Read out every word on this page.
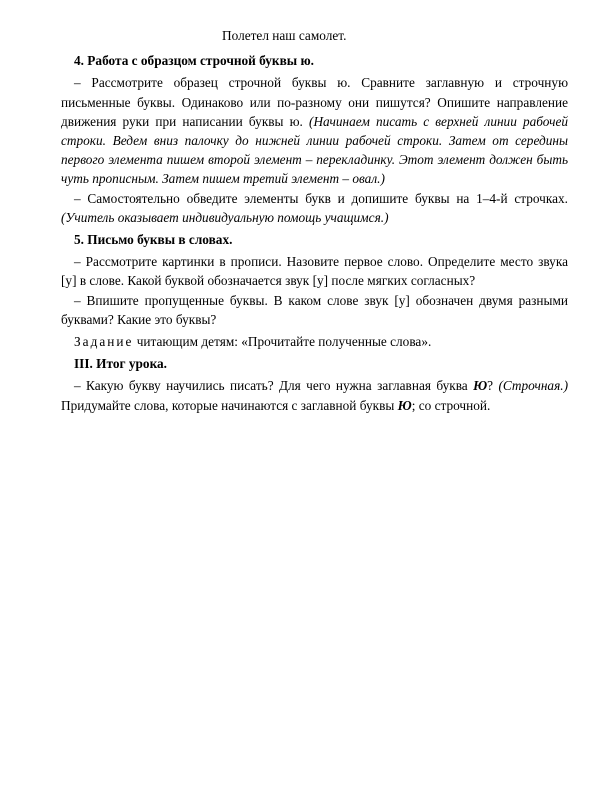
Полетел наш самолет.

4. Работа с образцом строчной буквы ю.

– Рассмотрите образец строчной буквы ю. Сравните заглавную и строчную письменные буквы. Одинаково или по-разному они пишутся? Опишите направление движения руки при написании буквы ю. (Начинаем писать с верхней линии рабочей строки. Ведем вниз палочку до нижней линии рабочей строки. Затем от середины первого элемента пишем второй элемент – перекладинку. Этот элемент должен быть чуть прописным. Затем пишем третий элемент – овал.)

– Самостоятельно обведите элементы букв и допишите буквы на 1–4-й строчках. (Учитель оказывает индивидуальную помощь учащимся.)

5. Письмо буквы в словах.

– Рассмотрите картинки в прописи. Назовите первое слово. Определите место звука [у] в слове. Какой буквой обозначается звук [у] после мягких согласных?

– Впишите пропущенные буквы. В каком слове звук [у] обозначен двумя разными буквами? Какие это буквы?

Задание читающим детям: «Прочитайте полученные слова».

III. Итог урока.

– Какую букву научились писать? Для чего нужна заглавная буква Ю? (Строчная.) Придумайте слова, которые начинаются с заглавной буквы Ю; со строчной.
